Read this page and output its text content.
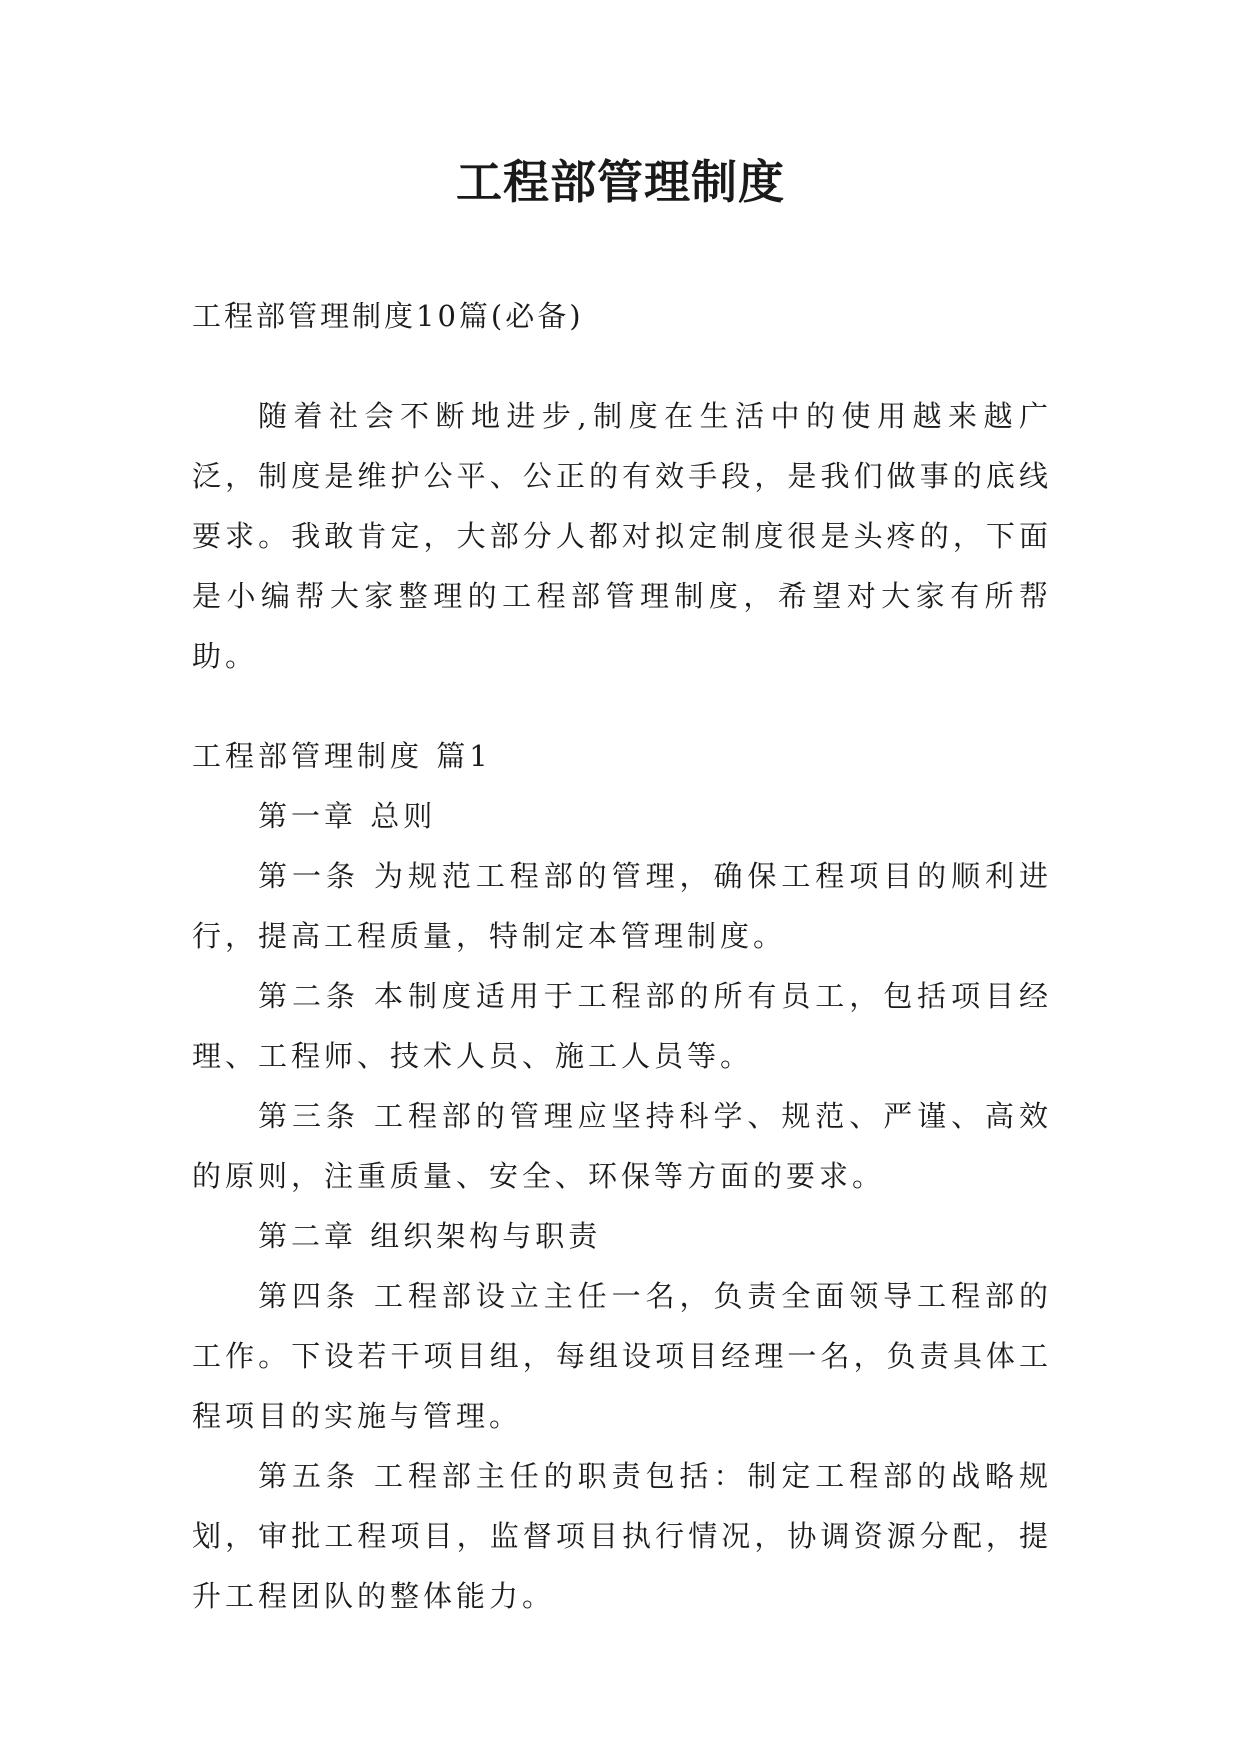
工程部管理制度

工程部管理制度10篇(必备)

随着社会不断地进步,制度在生活中的使用越来越广泛，制度是维护公平、公正的有效手段，是我们做事的底线要求。我敢肯定，大部分人都对拟定制度很是头疼的，下面是小编帮大家整理的工程部管理制度，希望对大家有所帮助。

工程部管理制度 篇1

第一章 总则

第一条 为规范工程部的管理，确保工程项目的顺利进行，提高工程质量，特制定本管理制度。

第二条 本制度适用于工程部的所有员工，包括项目经理、工程师、技术人员、施工人员等。

第三条 工程部的管理应坚持科学、规范、严谨、高效的原则，注重质量、安全、环保等方面的要求。

第二章 组织架构与职责

第四条 工程部设立主任一名，负责全面领导工程部的工作。下设若干项目组，每组设项目经理一名，负责具体工程项目的实施与管理。

第五条 工程部主任的职责包括：制定工程部的战略规划，审批工程项目，监督项目执行情况，协调资源分配，提升工程团队的整体能力。
